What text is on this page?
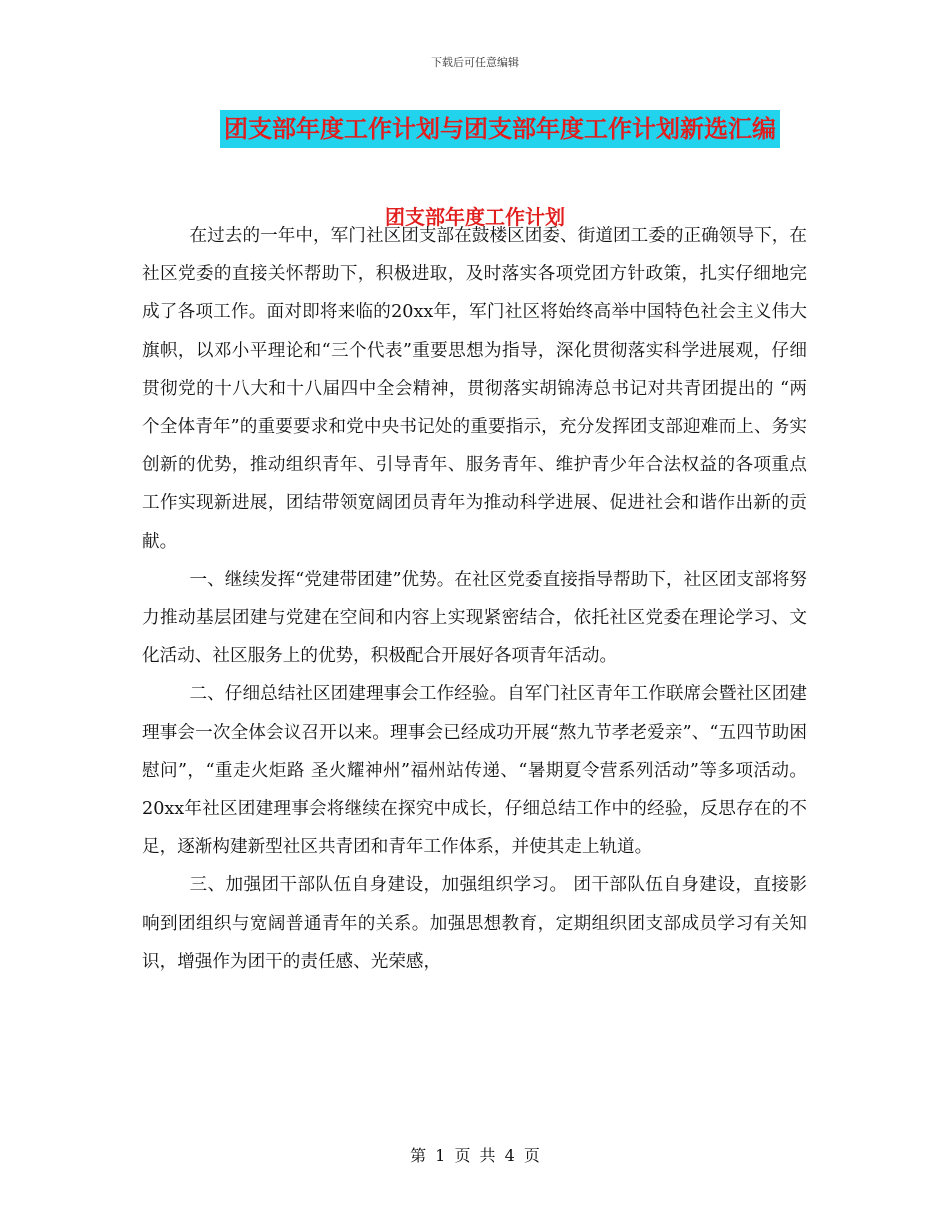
下载后可任意编辑
团支部年度工作计划与团支部年度工作计划新选汇编
团支部年度工作计划

在过去的一年中，军门社区团支部在鼓楼区团委、街道团工委的正确领导下，在社区党委的直接关怀帮助下，积极进取，及时落实各项党团方针政策，扎实仔细地完成了各项工作。面对即将来临的20xx年，军门社区将始终高举中国特色社会主义伟大旗帜，以邓小平理论和“三个代表”重要思想为指导，深化贯彻落实科学进展观，仔细贯彻党的十八大和十八届四中全会精神，贯彻落实胡锦涛总书记对共青团提出的 “两个全体青年”的重要要求和党中央书记处的重要指示，充分发挥团支部迎难而上、务实创新的优势，推动组织青年、引导青年、服务青年、维护青少年合法权益的各项重点工作实现新进展，团结带领宽阔团员青年为推动科学进展、促进社会和谐作出新的贡献。

一、继续发挥“党建带团建”优势。在社区党委直接指导帮助下，社区团支部将努力推动基层团建与党建在空间和内容上实现紧密结合，依托社区党委在理论学习、文化活动、社区服务上的优势，积极配合开展好各项青年活动。

二、仔细总结社区团建理事会工作经验。自军门社区青年工作联席会暨社区团建理事会一次全体会议召开以来。理事会已经成功开展“熬九节孝老爱亲”、“五四节助困慰问”，“重走火炬路 圣火耀神州”福州站传递、“暑期夏令营系列活动”等多项活动。20xx年社区团建理事会将继续在探究中成长，仔细总结工作中的经验，反思存在的不足，逐渐构建新型社区共青团和青年工作体系，并使其走上轨道。

三、加强团干部队伍自身建设，加强组织学习。 团干部队伍自身建设，直接影响到团组织与宽阔普通青年的关系。加强思想教育，定期组织团支部成员学习有关知识，增强作为团干的责任感、光荣感，

第 1 页 共 4 页
